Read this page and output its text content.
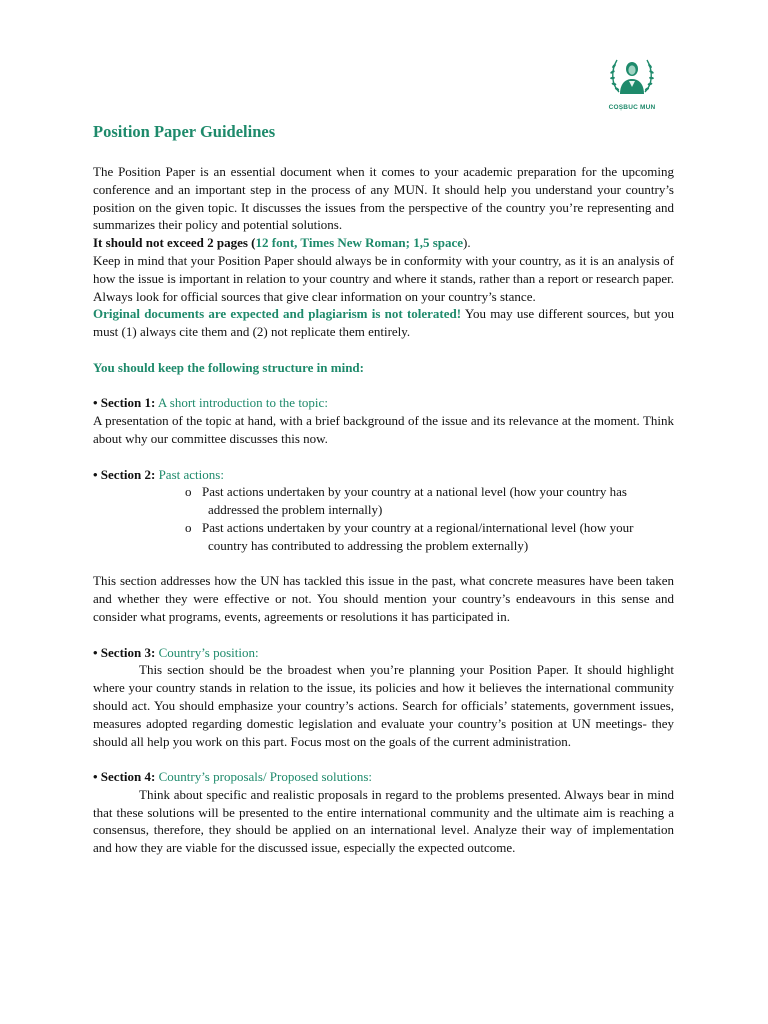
COȘBUC MUN
Position Paper Guidelines

The Position Paper is an essential document when it comes to your academic preparation for the upcoming conference and an important step in the process of any MUN. It should help you understand your country’s position on the given topic. It discusses the issues from the perspective of the country you’re representing and summarizes their policy and potential solutions.

It should not exceed 2 pages (12 font, Times New Roman; 1,5 space).

Keep in mind that your Position Paper should always be in conformity with your country, as it is an analysis of how the issue is important in relation to your country and where it stands, rather than a report or research paper. Always look for official sources that give clear information on your country’s stance.

Original documents are expected and plagiarism is not tolerated! You may use different sources, but you must (1) always cite them and (2) not replicate them entirely.

You should keep the following structure in mind:

• Section 1: A short introduction to the topic:

A presentation of the topic at hand, with a brief background of the issue and its relevance at the moment. Think about why our committee discusses this now.

• Section 2: Past actions:
o Past actions undertaken by your country at a national level (how your country has addressed the problem internally)
o Past actions undertaken by your country at a regional/international level (how your country has contributed to addressing the problem externally)

This section addresses how the UN has tackled this issue in the past, what concrete measures have been taken and whether they were effective or not. You should mention your country’s endeavours in this sense and consider what programs, events, agreements or resolutions it has participated in.

• Section 3: Country’s position:

This section should be the broadest when you’re planning your Position Paper. It should highlight where your country stands in relation to the issue, its policies and how it believes the international community should act. You should emphasize your country’s actions. Search for officials’ statements, government issues, measures adopted regarding domestic legislation and evaluate your country’s position at UN meetings- they should all help you work on this part. Focus most on the goals of the current administration.

• Section 4: Country’s proposals/ Proposed solutions:

Think about specific and realistic proposals in regard to the problems presented. Always bear in mind that these solutions will be presented to the entire international community and the ultimate aim is reaching a consensus, therefore, they should be applied on an international level. Analyze their way of implementation and how they are viable for the discussed issue, especially the expected outcome.
